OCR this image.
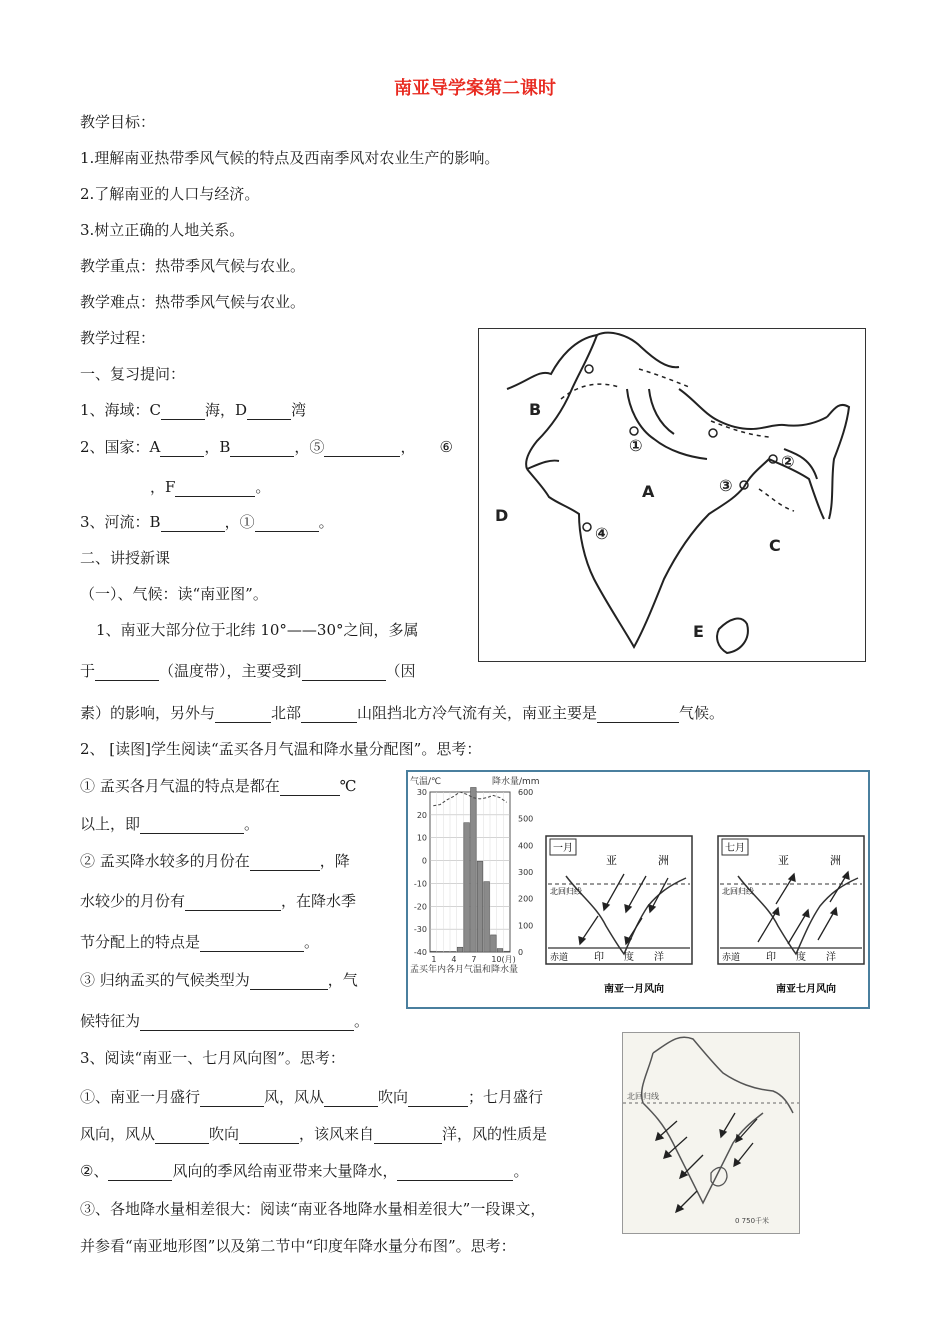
南亚导学案第二课时
教学目标：
1.理解南亚热带季风气候的特点及西南季风对农业生产的影响。
2.了解南亚的人口与经济。
3.树立正确的人地关系。
教学重点：热带季风气候与农业。
教学难点：热带季风气候与农业。
教学过程：
一、复习提问：
1、海域：C	海，D	湾
2、国家：A	，B	，⑤	， ⑥
，F	。
3、河流：B	，①	。
二、讲授新课
（一）、气候：读“南亚图”。
1、南亚大部分位于北纬 10°——30°之间，多属
于	（温度带），主要受到	（因
素）的影响，另外与	北部	山阻挡北方冷气流有关，南亚主要是	气候。
2、 [读图]学生阅读“孟买各月气温和降水量分配图”。思考：
① 孟买各月气温的特点是都在	℃
以上，即	。
② 孟买降水较多的月份在	，降
水较少的月份有	，在降水季
节分配上的特点是	。
③ 归纳孟买的气候类型为	，气
候特征为	。
3、阅读“南亚一、七月风向图”。思考：
①、南亚一月盛行	风，风从	吹向	；七月盛行
风向，风从	吹向	，该风来自	洋，风的性质是
②、	风向的季风给南亚带来大量降水，	。
③、各地降水量相差很大：阅读“南亚各地降水量相差很大”一段课文，
并参看“南亚地形图”以及第二节中“印度年降水量分布图”。思考：
B
A
D
C
E
①
②
③
④
气温/℃	降水量/mm
30
20
10
0
-10
-20
-30
-40
600
500
400
300
200
100
0
1 4 7 10(月)
孟买年内各月气温和降水量
一月
亚	洲
北回归线
赤道	印 度 洋
南亚一月风向
七月
亚	洲
北回归线
赤道	印 度 洋
南亚七月风向
北回归线
0 750千米
